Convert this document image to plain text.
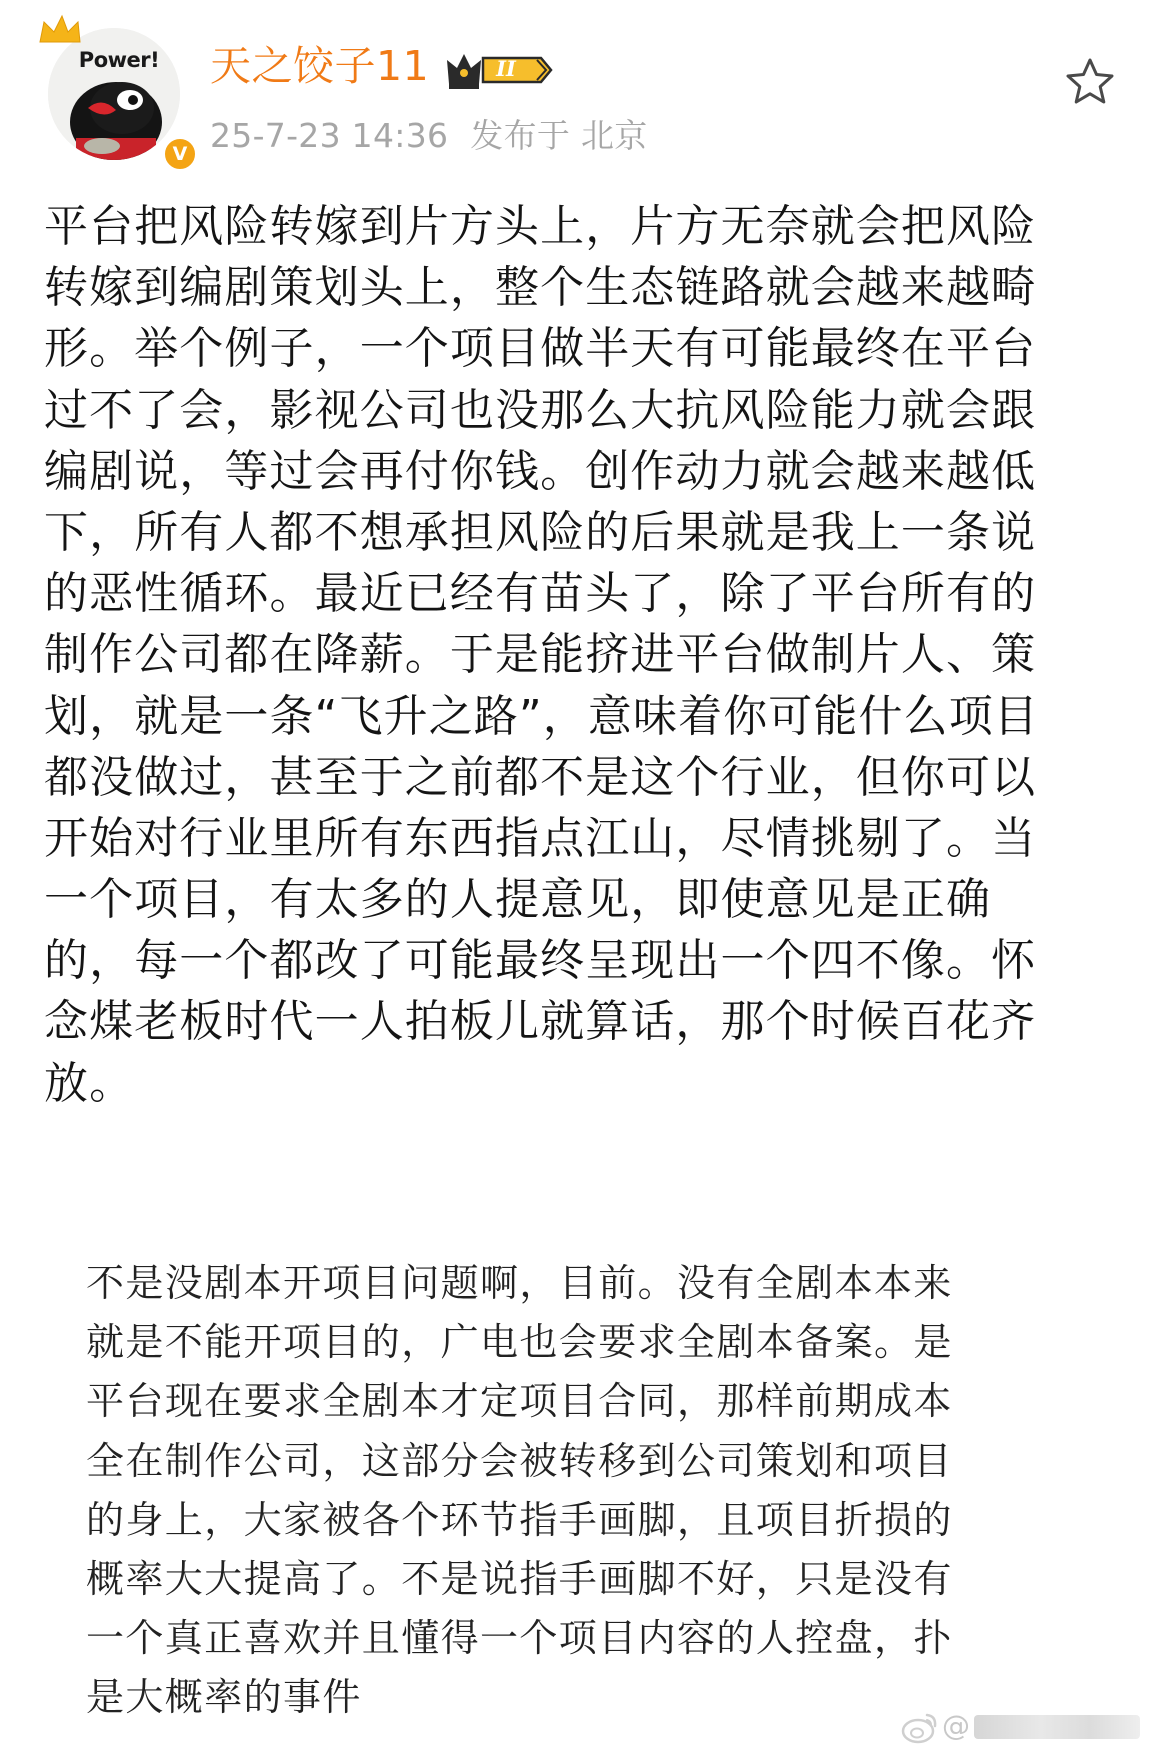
Power!
V
天之饺子11	II
25-7-23 14:36 发布于 北京
平台把风险转嫁到片方头上，片方无奈就会把风险
转嫁到编剧策划头上，整个生态链路就会越来越畸
形。举个例子，一个项目做半天有可能最终在平台
过不了会，影视公司也没那么大抗风险能力就会跟
编剧说，等过会再付你钱。创作动力就会越来越低
下，所有人都不想承担风险的后果就是我上一条说
的恶性循环。最近已经有苗头了，除了平台所有的
制作公司都在降薪。于是能挤进平台做制片人、策
划，就是一条“飞升之路”，意味着你可能什么项目
都没做过，甚至于之前都不是这个行业，但你可以
开始对行业里所有东西指点江山，尽情挑剔了。当
一个项目，有太多的人提意见，即使意见是正确
的，每一个都改了可能最终呈现出一个四不像。怀
念煤老板时代一人拍板儿就算话，那个时候百花齐
放。
不是没剧本开项目问题啊，目前。没有全剧本本来
就是不能开项目的，广电也会要求全剧本备案。是
平台现在要求全剧本才定项目合同，那样前期成本
全在制作公司，这部分会被转移到公司策划和项目
的身上，大家被各个环节指手画脚，且项目折损的
概率大大提高了。不是说指手画脚不好，只是没有
一个真正喜欢并且懂得一个项目内容的人控盘，扑
是大概率的事件
@
